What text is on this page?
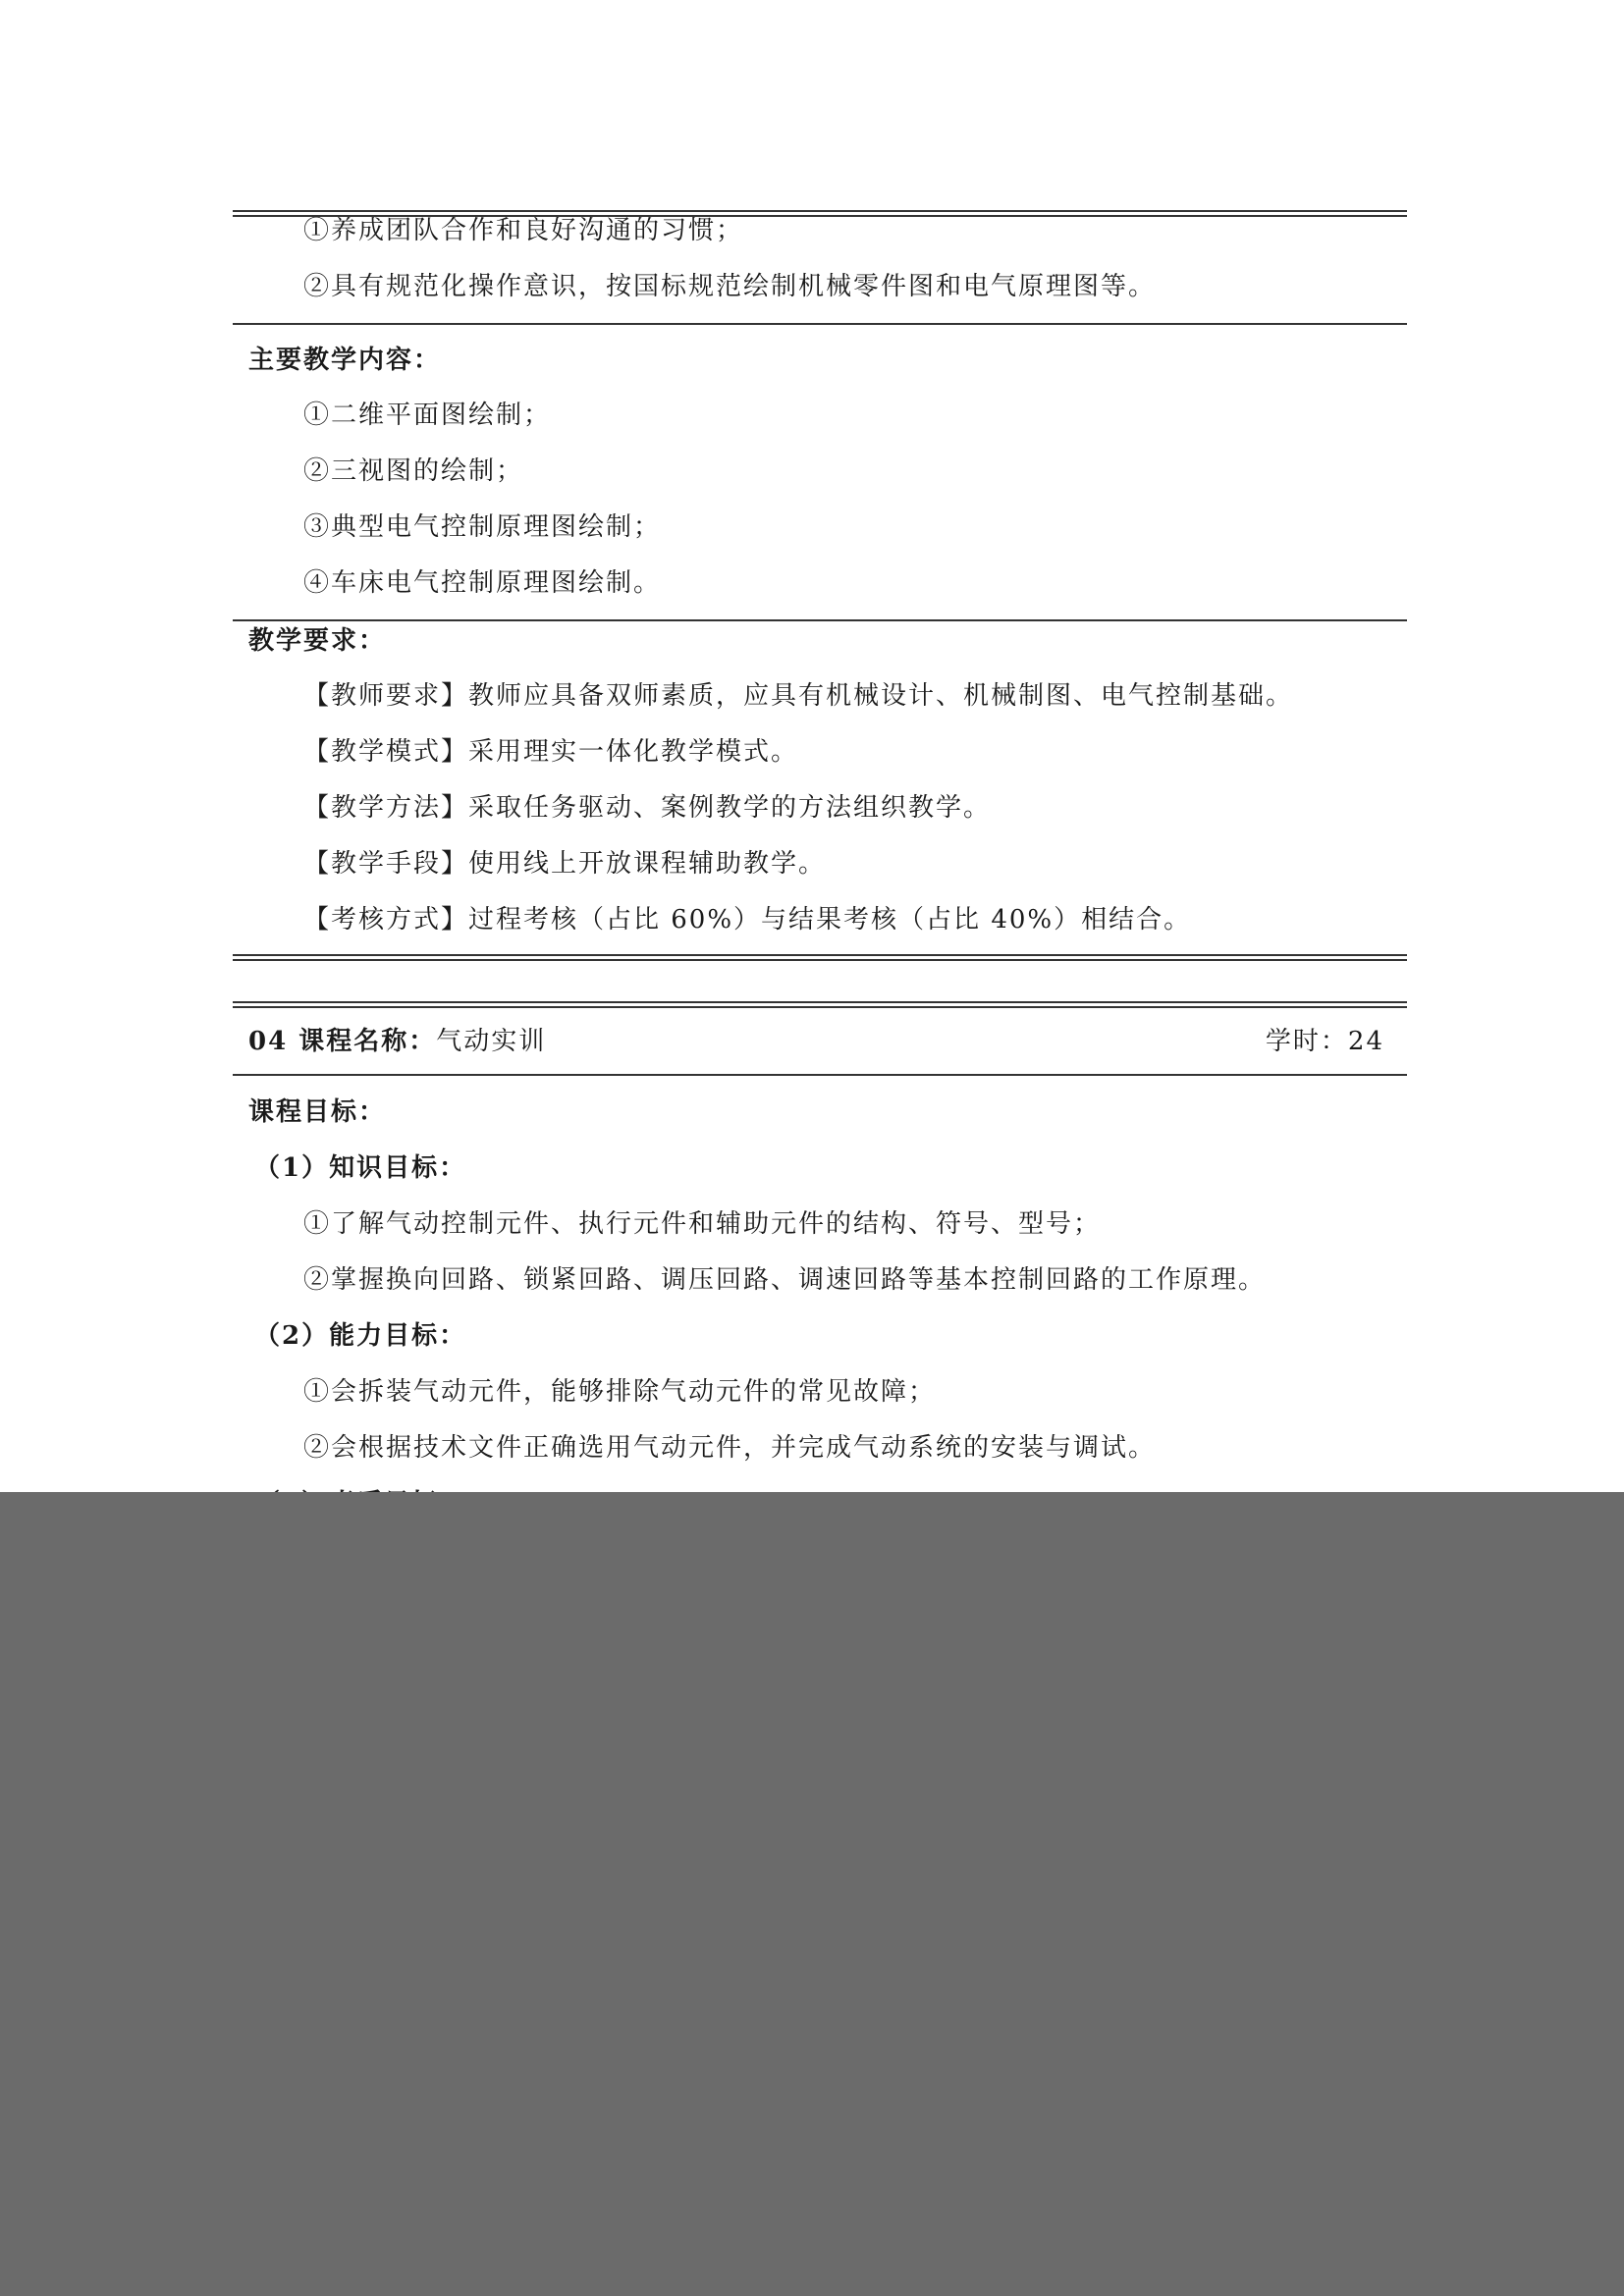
①养成团队合作和良好沟通的习惯；
②具有规范化操作意识，按国标规范绘制机械零件图和电气原理图等。
主要教学内容：
①二维平面图绘制；
②三视图的绘制；
③典型电气控制原理图绘制；
④车床电气控制原理图绘制。
教学要求：
【教师要求】教师应具备双师素质，应具有机械设计、机械制图、电气控制基础。
【教学模式】采用理实一体化教学模式。
【教学方法】采取任务驱动、案例教学的方法组织教学。
【教学手段】使用线上开放课程辅助教学。
【考核方式】过程考核（占比 60%）与结果考核（占比 40%）相结合。
04 课程名称：气动实训	学时：24
课程目标：
（1）知识目标：
①了解气动控制元件、执行元件和辅助元件的结构、符号、型号；
②掌握换向回路、锁紧回路、调压回路、调速回路等基本控制回路的工作原理。
（2）能力目标：
①会拆装气动元件，能够排除气动元件的常见故障；
②会根据技术文件正确选用气动元件，并完成气动系统的安装与调试。
